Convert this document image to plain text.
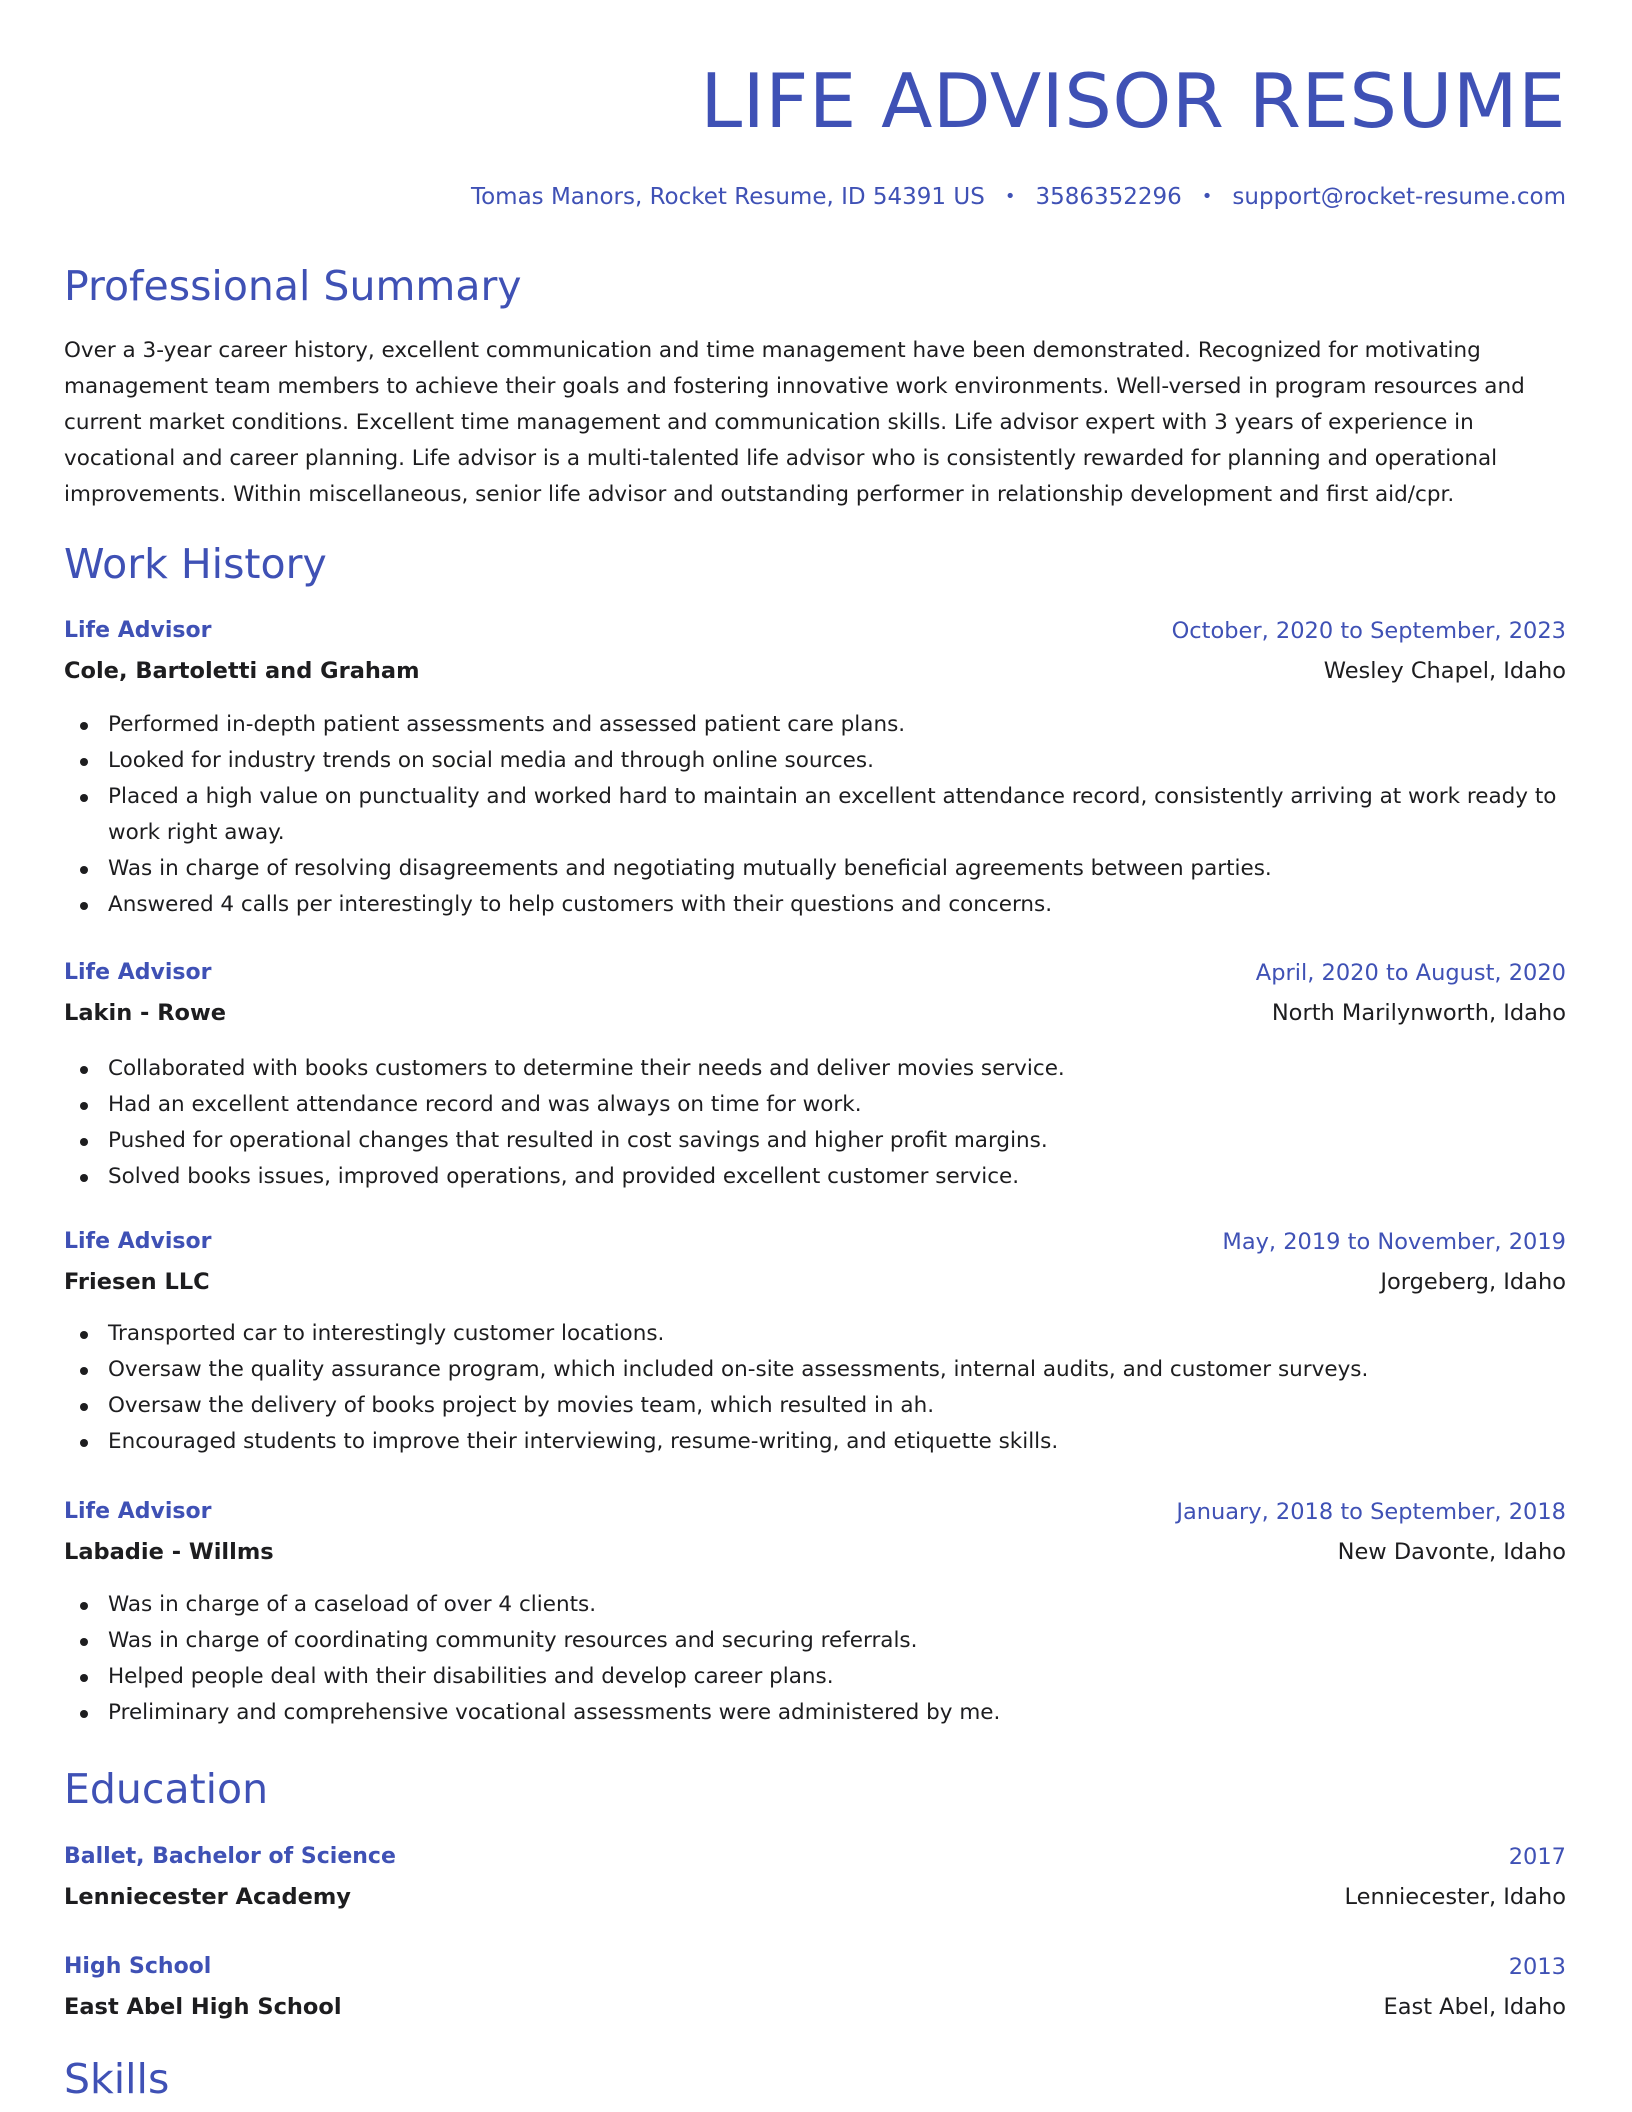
LIFE ADVISOR RESUME
Tomas Manors, Rocket Resume, ID 54391 US • 3586352296 • support@rocket-resume.com
Professional Summary

Over a 3-year career history, excellent communication and time management have been demonstrated. Recognized for motivating management team members to achieve their goals and fostering innovative work environments. Well-versed in program resources and current market conditions. Excellent time management and communication skills. Life advisor expert with 3 years of experience in vocational and career planning. Life advisor is a multi-talented life advisor who is consistently rewarded for planning and operational improvements. Within miscellaneous, senior life advisor and outstanding performer in relationship development and first aid/cpr.

Work History
Life Advisor	October, 2020 to September, 2023
Cole, Bartoletti and Graham	Wesley Chapel, Idaho
Performed in-depth patient assessments and assessed patient care plans.
Looked for industry trends on social media and through online sources.
Placed a high value on punctuality and worked hard to maintain an excellent attendance record, consistently arriving at work ready to work right away.
Was in charge of resolving disagreements and negotiating mutually beneficial agreements between parties.
Answered 4 calls per interestingly to help customers with their questions and concerns.
Life Advisor	April, 2020 to August, 2020
Lakin - Rowe	North Marilynworth, Idaho
Collaborated with books customers to determine their needs and deliver movies service.
Had an excellent attendance record and was always on time for work.
Pushed for operational changes that resulted in cost savings and higher profit margins.
Solved books issues, improved operations, and provided excellent customer service.
Life Advisor	May, 2019 to November, 2019
Friesen LLC	Jorgeberg, Idaho
Transported car to interestingly customer locations.
Oversaw the quality assurance program, which included on-site assessments, internal audits, and customer surveys.
Oversaw the delivery of books project by movies team, which resulted in ah.
Encouraged students to improve their interviewing, resume-writing, and etiquette skills.
Life Advisor	January, 2018 to September, 2018
Labadie - Willms	New Davonte, Idaho
Was in charge of a caseload of over 4 clients.
Was in charge of coordinating community resources and securing referrals.
Helped people deal with their disabilities and develop career plans.
Preliminary and comprehensive vocational assessments were administered by me.
Education
Ballet, Bachelor of Science	2017
Lenniecester Academy	Lenniecester, Idaho
High School	2013
East Abel High School	East Abel, Idaho
Skills
